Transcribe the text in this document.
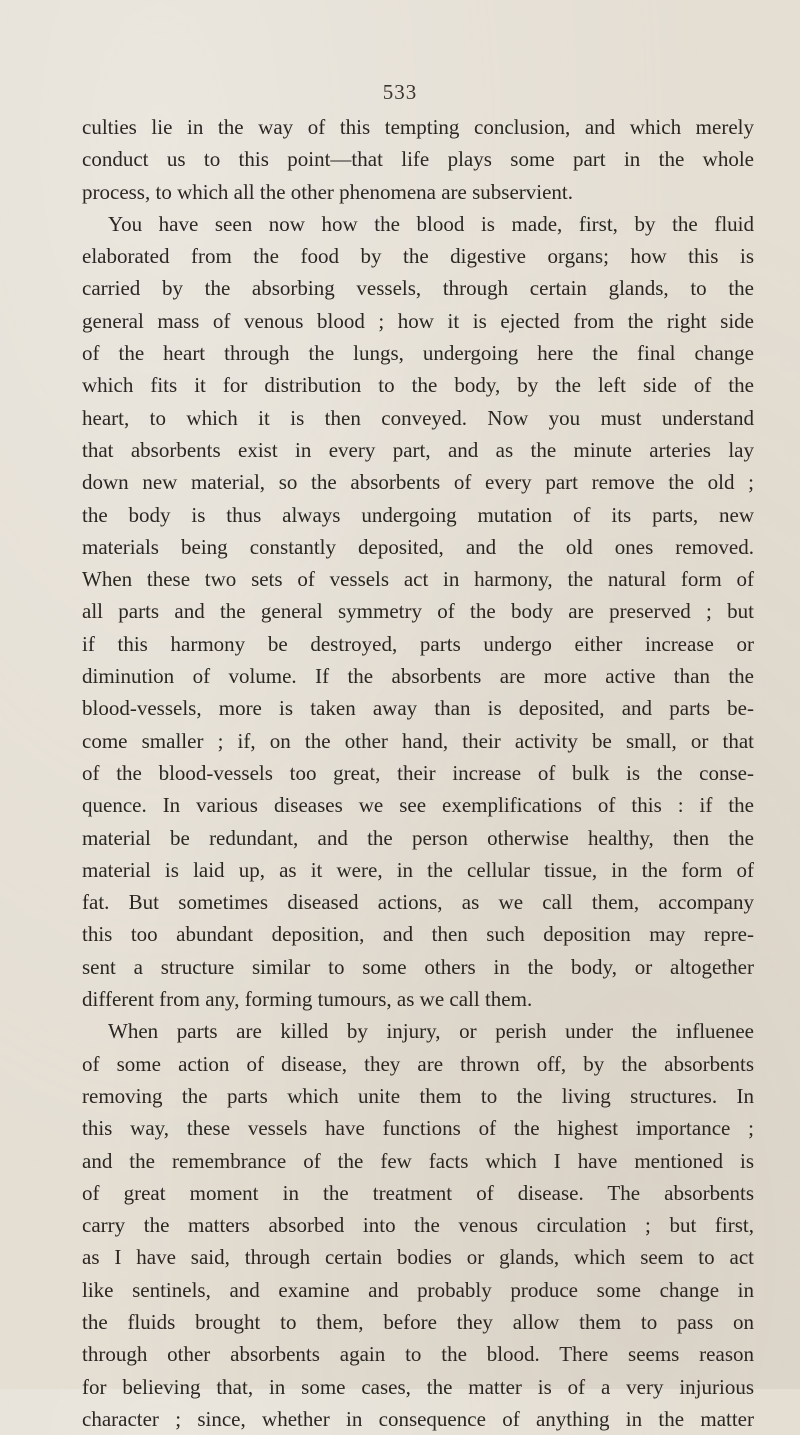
533
culties lie in the way of this tempting conclusion, and which merely
conduct us to this point—that life plays some part in the whole
process, to which all the other phenomena are subservient.
You have seen now how the blood is made, first, by the fluid
elaborated from the food by the digestive organs; how this is
carried by the absorbing vessels, through certain glands, to the
general mass of venous blood ; how it is ejected from the right side
of the heart through the lungs, undergoing here the final change
which fits it for distribution to the body, by the left side of the
heart, to which it is then conveyed. Now you must understand
that absorbents exist in every part, and as the minute arteries lay
down new material, so the absorbents of every part remove the old ;
the body is thus always undergoing mutation of its parts, new
materials being constantly deposited, and the old ones removed.
When these two sets of vessels act in harmony, the natural form of
all parts and the general symmetry of the body are preserved ; but
if this harmony be destroyed, parts undergo either increase or
diminution of volume. If the absorbents are more active than the
blood-vessels, more is taken away than is deposited, and parts be-
come smaller ; if, on the other hand, their activity be small, or that
of the blood-vessels too great, their increase of bulk is the conse-
quence. In various diseases we see exemplifications of this : if the
material be redundant, and the person otherwise healthy, then the
material is laid up, as it were, in the cellular tissue, in the form of
fat. But sometimes diseased actions, as we call them, accompany
this too abundant deposition, and then such deposition may repre-
sent a structure similar to some others in the body, or altogether
different from any, forming tumours, as we call them.
When parts are killed by injury, or perish under the influenee
of some action of disease, they are thrown off, by the absorbents
removing the parts which unite them to the living structures. In
this way, these vessels have functions of the highest importance ;
and the remembrance of the few facts which I have mentioned is
of great moment in the treatment of disease. The absorbents
carry the matters absorbed into the venous circulation ; but first,
as I have said, through certain bodies or glands, which seem to act
like sentinels, and examine and probably produce some change in
the fluids brought to them, before they allow them to pass on
through other absorbents again to the blood. There seems reason
for believing that, in some cases, the matter is of a very injurious
character ; since, whether in consequence of anything in the matter
